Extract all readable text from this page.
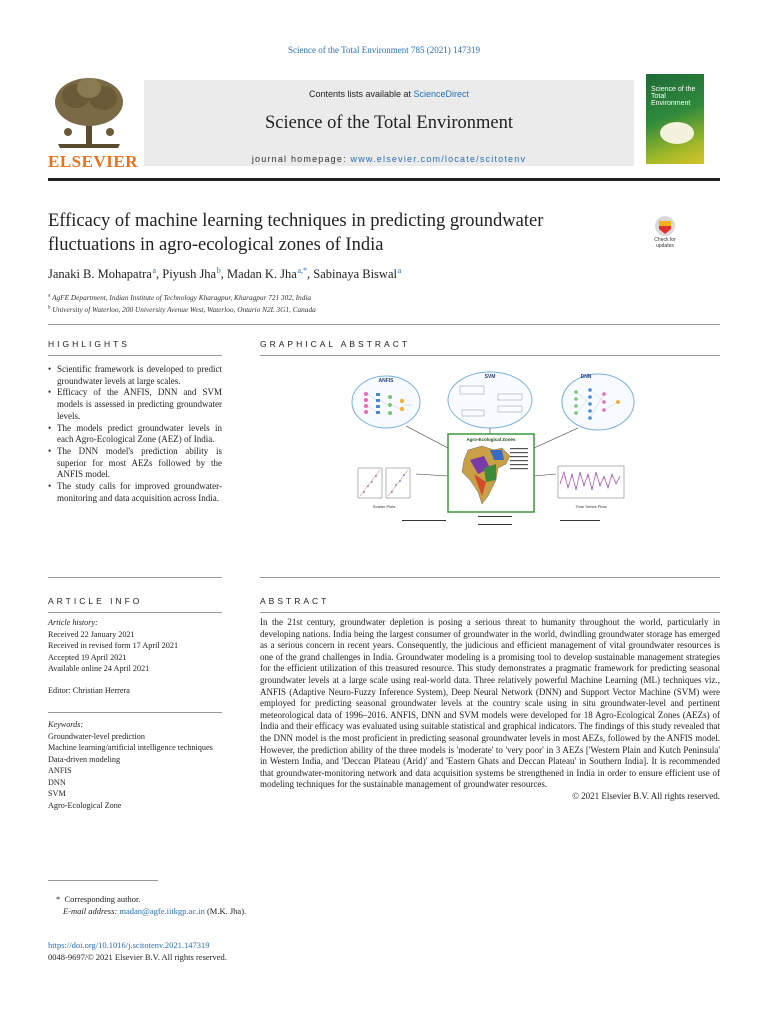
Science of the Total Environment 785 (2021) 147319
ELSEVIER
Contents lists available at ScienceDirect
Science of the Total Environment
journal homepage: www.elsevier.com/locate/scitotenv
Science of the
Total Environment
Efficacy of machine learning techniques in predicting groundwater fluctuations in agro-ecological zones of India	Check for updates
Janaki B. Mohapatra $^a$, Piyush Jha $^b$, Madan K. Jha $^{a,*}$, Sabinaya Biswal $^a$
$^a$ AgFE Department, Indian Institute of Technology Kharagpur, Kharagpur 721 302, India
$^b$ University of Waterloo, 200 University Avenue West, Waterloo, Ontario N2L 3G1, Canada
HIGHLIGHTS
• Scientific framework is developed to predict groundwater levels at large scales.
• Efficacy of the ANFIS, DNN and SVM models is assessed in predicting groundwater levels.
• The models predict groundwater levels in each Agro-Ecological Zone (AEZ) of India.
• The DNN model's prediction ability is superior for most AEZs followed by the ANFIS model.
• The study calls for improved groundwater-monitoring and data acquisition across India.
GRAPHICAL ABSTRACT
ANFIS
SVM	DNN
Agro-Ecological Zones
Scatter Plots	Time Series Plots
ARTICLE INFO
Article history:
Received 22 January 2021
Received in revised form 17 April 2021
Accepted 19 April 2021
Available online 24 April 2021
Editor: Christian Herrera
Keywords:
Groundwater-level prediction
Machine learning/artificial intelligence techniques
Data-driven modeling
ANFIS
DNN
SVM
Agro-Ecological Zone
ABSTRACT
In the 21st century, groundwater depletion is posing a serious threat to humanity throughout the world, particularly in developing nations. India being the largest consumer of groundwater in the world, dwindling groundwater storage has emerged as a serious concern in recent years. Consequently, the judicious and efficient management of vital groundwater resources is one of the grand challenges in India. Groundwater modeling is a promising tool to develop sustainable management strategies for the efficient utilization of this treasured resource. This study demonstrates a pragmatic framework for predicting seasonal groundwater levels at a large scale using real-world data. Three relatively powerful Machine Learning (ML) techniques viz., ANFIS (Adaptive Neuro-Fuzzy Inference System), Deep Neural Network (DNN) and Support Vector Machine (SVM) were employed for predicting seasonal groundwater levels at the country scale using in situ groundwater-level and pertinent meteorological data of 1996–2016. ANFIS, DNN and SVM models were developed for 18 Agro-Ecological Zones (AEZs) of India and their efficacy was evaluated using suitable statistical and graphical indicators. The findings of this study revealed that the DNN model is the most proficient in predicting seasonal groundwater levels in most AEZs, followed by the ANFIS model. However, the prediction ability of the three models is 'moderate' to 'very poor' in 3 AEZs ['Western Plain and Kutch Peninsula' in Western India, and 'Deccan Plateau (Arid)' and 'Eastern Ghats and Deccan Plateau' in Southern India]. It is recommended that groundwater-monitoring network and data acquisition systems be strengthened in India in order to ensure efficient use of modeling techniques for the sustainable management of groundwater resources.
© 2021 Elsevier B.V. All rights reserved.
* Corresponding author.
E-mail address: madan@agfe.iitkgp.ac.in (M.K. Jha).
https://doi.org/10.1016/j.scitotenv.2021.147319
0048-9697/© 2021 Elsevier B.V. All rights reserved.
